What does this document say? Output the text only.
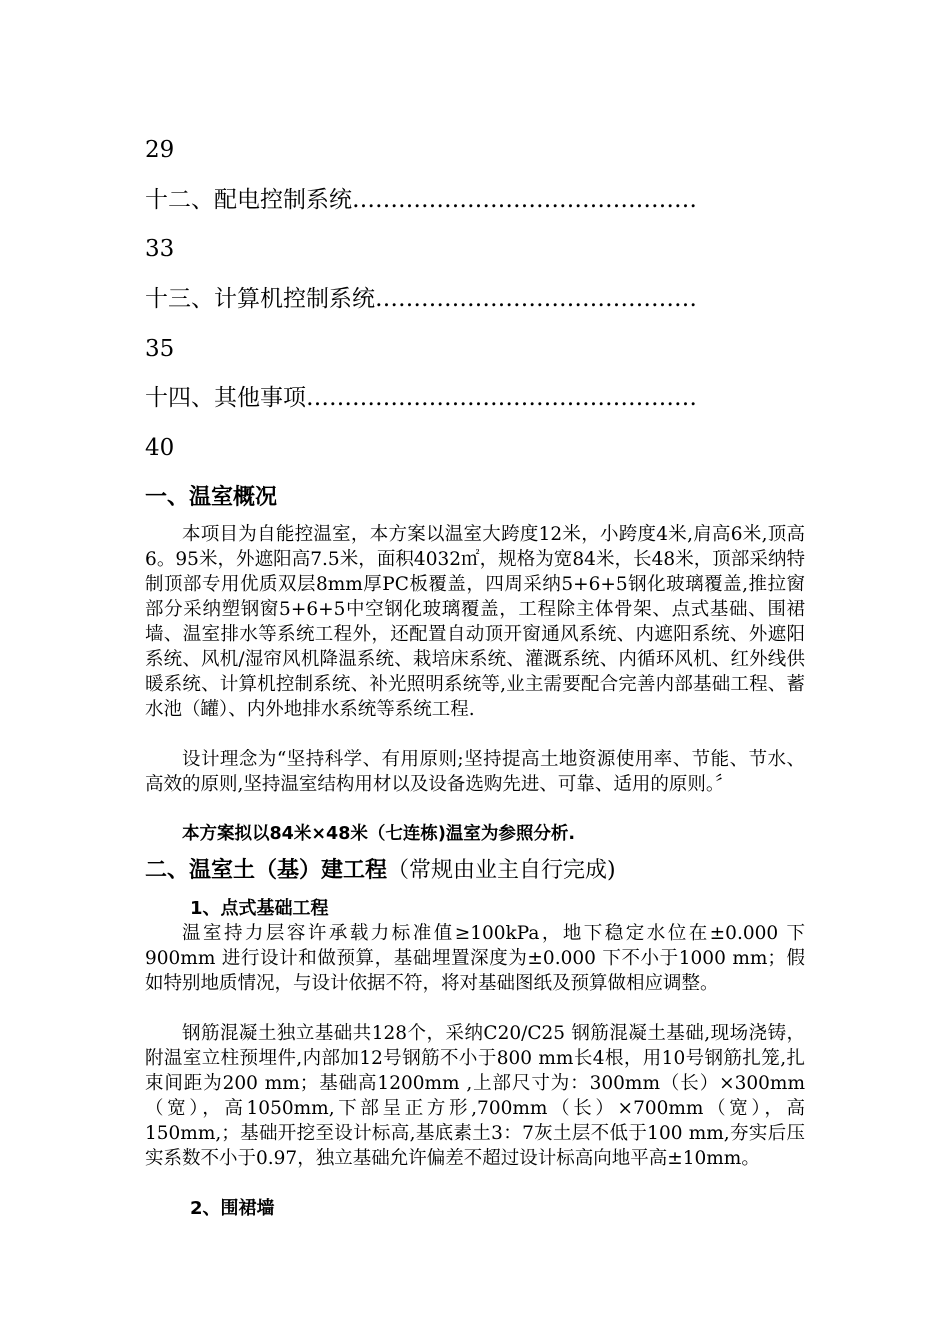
29
十二、配电控制系统………………………………………
33
十三、计算机控制系统……………………………………
35
十四、其他事项……………………………………………
40
一、温室概况

本项目为自能控温室，本方案以温室大跨度12米，小跨度4米,肩高6米,顶高6。95米，外遮阳高7.5米，面积4032㎡，规格为宽84米，长48米，顶部采纳特制顶部专用优质双层8mm厚PC板覆盖，四周采纳5+6+5钢化玻璃覆盖,推拉窗部分采纳塑钢窗5+6+5中空钢化玻璃覆盖，工程除主体骨架、点式基础、围裙墙、温室排水等系统工程外，还配置自动顶开窗通风系统、内遮阳系统、外遮阳系统、风机/湿帘风机降温系统、栽培床系统、灌溉系统、内循环风机、红外线供暖系统、计算机控制系统、补光照明系统等,业主需要配合完善内部基础工程、蓄水池（罐）、内外地排水系统等系统工程.

设计理念为“坚持科学、有用原则;坚持提高土地资源使用率、节能、节水、高效的原则,坚持温室结构用材以及设备选购先进、可靠、适用的原则。〞

本方案拟以84米×48米（七连栋)温室为参照分析.

二、温室土（基）建工程（常规由业主自行完成)
1、点式基础工程

温室持力层容许承载力标准值≥100kPa，地下稳定水位在±0.000 下900mm 进行设计和做预算，基础埋置深度为±0.000 下不小于1000 mm；假如特别地质情况，与设计依据不符，将对基础图纸及预算做相应调整。

钢筋混凝土独立基础共128个，采纳C20/C25 钢筋混凝土基础,现场浇铸，附温室立柱预埋件,内部加12号钢筋不小于800 mm长4根，用10号钢筋扎笼,扎束间距为200 mm；基础高1200mm ,上部尺寸为：300mm（长）×300mm（宽），高1050mm,下部呈正方形,700mm（长）×700mm（宽），高150mm,；基础开挖至设计标高,基底素土3：7灰土层不低于100 mm,夯实后压实系数不小于0.97，独立基础允许偏差不超过设计标高向地平高±10mm。

2、围裙墙
